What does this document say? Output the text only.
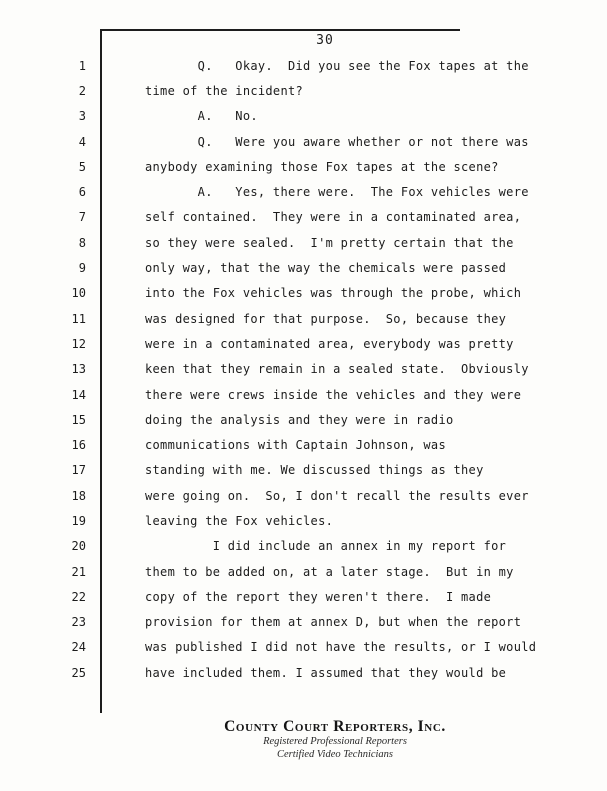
30
1	Q.   Okay.  Did you see the Fox tapes at the
2	time of the incident?
3	A.   No.
4	Q.   Were you aware whether or not there was
5	anybody examining those Fox tapes at the scene?
6	A.   Yes, there were.  The Fox vehicles were
7	self contained.  They were in a contaminated area,
8	so they were sealed.  I'm pretty certain that the
9	only way, that the way the chemicals were passed
10	into the Fox vehicles was through the probe, which
11	was designed for that purpose.  So, because they
12	were in a contaminated area, everybody was pretty
13	keen that they remain in a sealed state.  Obviously
14	there were crews inside the vehicles and they were
15	doing the analysis and they were in radio
16	communications with Captain Johnson, was
17	standing with me. We discussed things as they
18	were going on.  So, I don't recall the results ever
19	leaving the Fox vehicles.
20	I did include an annex in my report for
21	them to be added on, at a later stage.  But in my
22	copy of the report they weren't there.  I made
23	provision for them at annex D, but when the report
24	was published I did not have the results, or I would
25	have included them. I assumed that they would be
County Court Reporters, Inc.
Registered Professional Reporters
Certified Video Technicians
